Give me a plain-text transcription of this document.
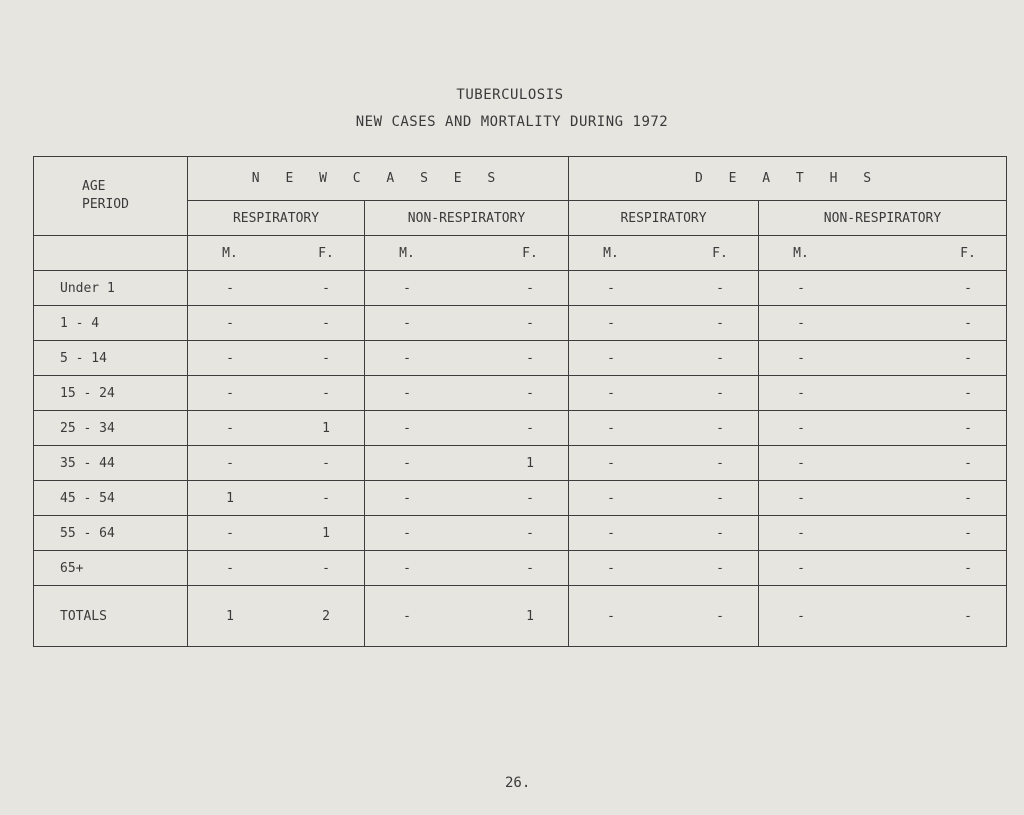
TUBERCULOSIS
NEW CASES AND MORTALITY DURING 1972
AGE
PERIOD	N E W C A S E S		D E A T H S	
	RESPIRATORY	NON-RESPIRATORY	RESPIRATORY	NON-RESPIRATORY

	M. F.	M. F.	M. F.	M. F.

Under 1	- -	- -	- -	- -

1 - 4	- -	- -	- -	- -

5 - 14	- -	- -	- -	- -

15 - 24	- -	- -	- -	- -

25 - 34	- 1	- -	- -	- -

35 - 44	- -	- 1	- -	- -

45 - 54	1 -	- -	- -	- -

55 - 64	- 1	- -	- -	- -

65+	- -	- -	- -	- -

TOTALS	1 2	- 1	- -	- -
26.
